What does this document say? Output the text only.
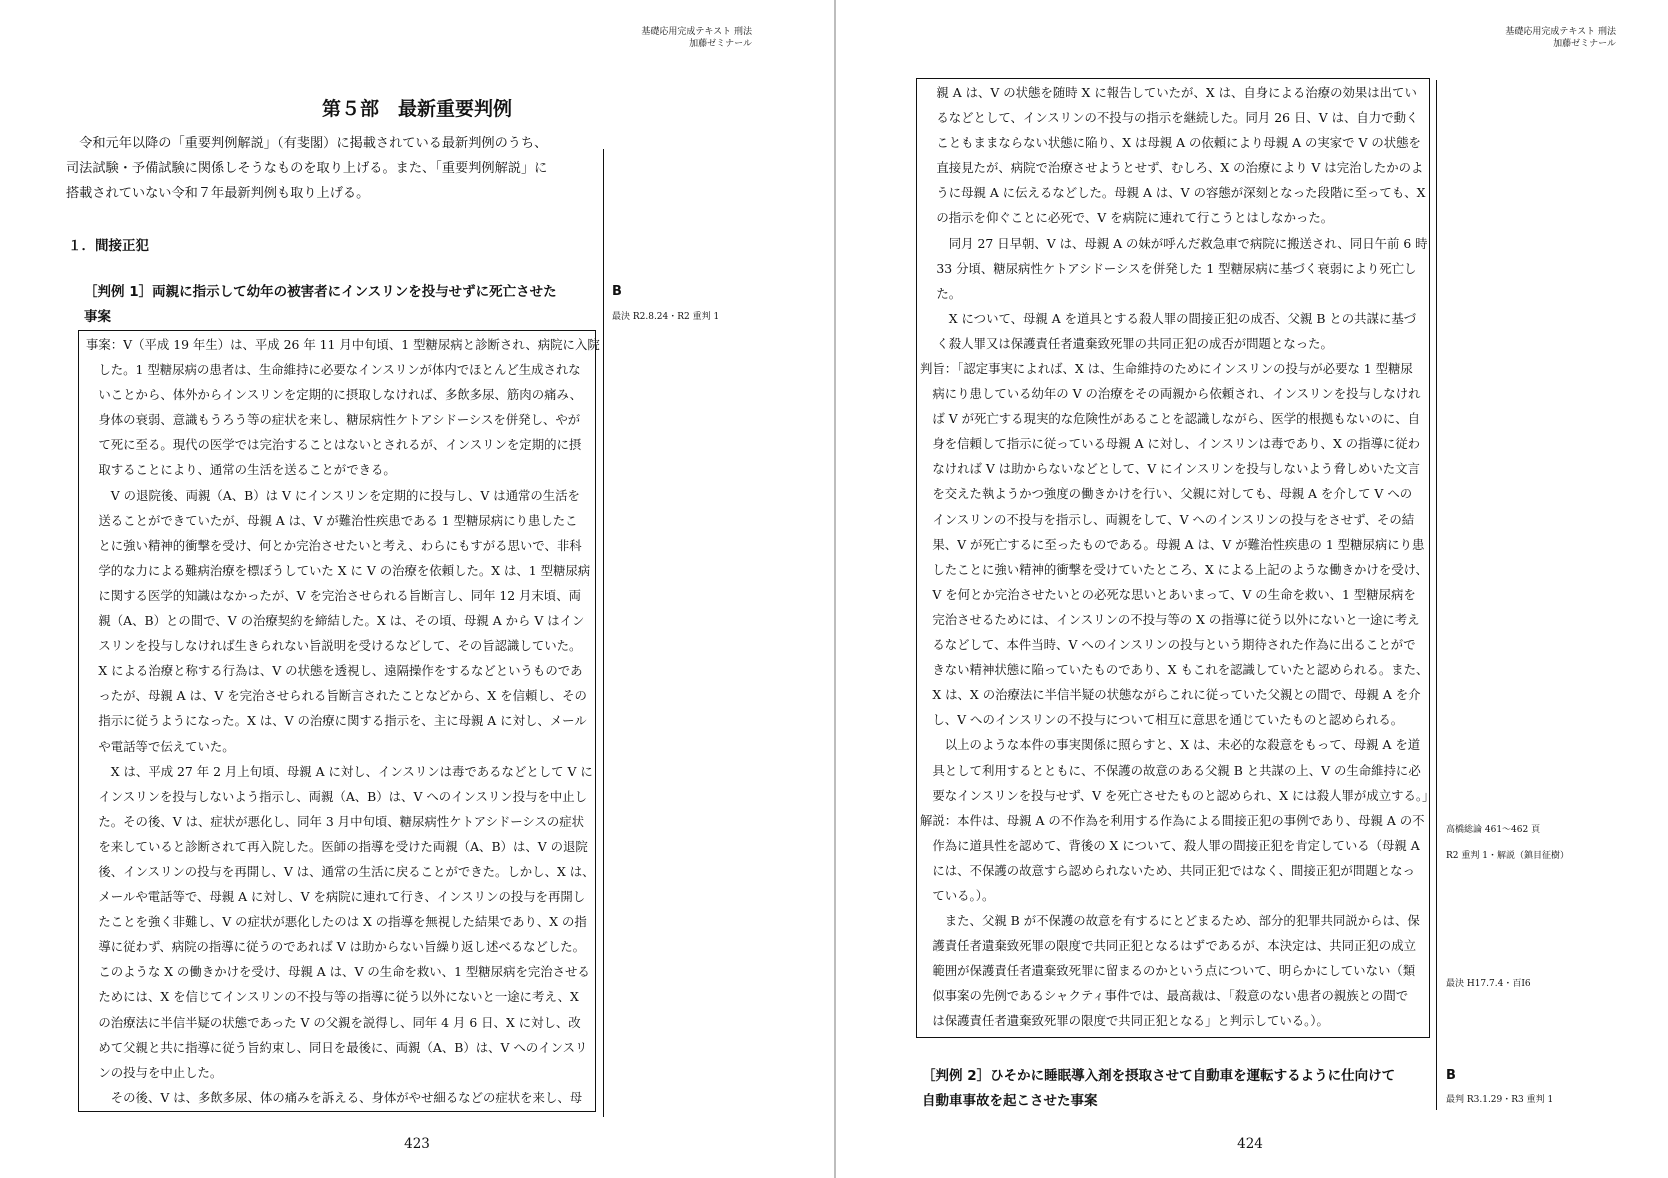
基礎応用完成テキスト 刑法
加藤ゼミナール
第５部　最新重要判例
　令和元年以降の「重要判例解説」（有斐閣）に掲載されている最新判例のうち、
司法試験・予備試験に関係しそうなものを取り上げる。また、「重要判例解説」に
搭載されていない令和７年最新判例も取り上げる。
１．間接正犯
［判例 1］両親に指示して幼年の被害者にインスリンを投与せずに死亡させた
事案
B
最決 R2.8.24・R2 重判 1
事案：V（平成 19 年生）は、平成 26 年 11 月中旬頃、1 型糖尿病と診断され、病院に入院
　した。1 型糖尿病の患者は、生命維持に必要なインスリンが体内でほとんど生成されな
　いことから、体外からインスリンを定期的に摂取しなければ、多飲多尿、筋肉の痛み、
　身体の衰弱、意識もうろう等の症状を来し、糖尿病性ケトアシドーシスを併発し、やが
　て死に至る。現代の医学では完治することはないとされるが、インスリンを定期的に摂
　取することにより、通常の生活を送ることができる。
　　V の退院後、両親（A、B）は V にインスリンを定期的に投与し、V は通常の生活を
　送ることができていたが、母親 A は、V が難治性疾患である 1 型糖尿病にり患したこ
　とに強い精神的衝撃を受け、何とか完治させたいと考え、わらにもすがる思いで、非科
　学的な力による難病治療を標ぼうしていた X に V の治療を依頼した。X は、1 型糖尿病
　に関する医学的知識はなかったが、V を完治させられる旨断言し、同年 12 月末頃、両
　親（A、B）との間で、V の治療契約を締結した。X は、その頃、母親 A から V はイン
　スリンを投与しなければ生きられない旨説明を受けるなどして、その旨認識していた。
　X による治療と称する行為は、V の状態を透視し、遠隔操作をするなどというものであ
　ったが、母親 A は、V を完治させられる旨断言されたことなどから、X を信頼し、その
　指示に従うようになった。X は、V の治療に関する指示を、主に母親 A に対し、メール
　や電話等で伝えていた。
　　X は、平成 27 年 2 月上旬頃、母親 A に対し、インスリンは毒であるなどとして V に
　インスリンを投与しないよう指示し、両親（A、B）は、V へのインスリン投与を中止し
　た。その後、V は、症状が悪化し、同年 3 月中旬頃、糖尿病性ケトアシドーシスの症状
　を来していると診断されて再入院した。医師の指導を受けた両親（A、B）は、V の退院
　後、インスリンの投与を再開し、V は、通常の生活に戻ることができた。しかし、X は、
　メールや電話等で、母親 A に対し、V を病院に連れて行き、インスリンの投与を再開し
　たことを強く非難し、V の症状が悪化したのは X の指導を無視した結果であり、X の指
　導に従わず、病院の指導に従うのであれば V は助からない旨繰り返し述べるなどした。
　このような X の働きかけを受け、母親 A は、V の生命を救い、1 型糖尿病を完治させる
　ためには、X を信じてインスリンの不投与等の指導に従う以外にないと一途に考え、X
　の治療法に半信半疑の状態であった V の父親を説得し、同年 4 月 6 日、X に対し、改
　めて父親と共に指導に従う旨約束し、同日を最後に、両親（A、B）は、V へのインスリ
　ンの投与を中止した。
　　その後、V は、多飲多尿、体の痛みを訴える、身体がやせ細るなどの症状を来し、母
423
基礎応用完成テキスト 刑法
加藤ゼミナール
　親 A は、V の状態を随時 X に報告していたが、X は、自身による治療の効果は出てい
　るなどとして、インスリンの不投与の指示を継続した。同月 26 日、V は、自力で動く
　こともままならない状態に陥り、X は母親 A の依頼により母親 A の実家で V の状態を
　直接見たが、病院で治療させようとせず、むしろ、X の治療により V は完治したかのよ
　うに母親 A に伝えるなどした。母親 A は、V の容態が深刻となった段階に至っても、X
　の指示を仰ぐことに必死で、V を病院に連れて行こうとはしなかった。
　　同月 27 日早朝、V は、母親 A の妹が呼んだ救急車で病院に搬送され、同日午前 6 時
　33 分頃、糖尿病性ケトアシドーシスを併発した 1 型糖尿病に基づく衰弱により死亡し
　た。
　　X について、母親 A を道具とする殺人罪の間接正犯の成否、父親 B との共謀に基づ
　く殺人罪又は保護責任者遺棄致死罪の共同正犯の成否が問題となった。
判旨：「認定事実によれば、X は、生命維持のためにインスリンの投与が必要な 1 型糖尿
　病にり患している幼年の V の治療をその両親から依頼され、インスリンを投与しなけれ
　ば V が死亡する現実的な危険性があることを認識しながら、医学的根拠もないのに、自
　身を信頼して指示に従っている母親 A に対し、インスリンは毒であり、X の指導に従わ
　なければ V は助からないなどとして、V にインスリンを投与しないよう脅しめいた文言
　を交えた執ようかつ強度の働きかけを行い、父親に対しても、母親 A を介して V への
　インスリンの不投与を指示し、両親をして、V へのインスリンの投与をさせず、その結
　果、V が死亡するに至ったものである。母親 A は、V が難治性疾患の 1 型糖尿病にり患
　したことに強い精神的衝撃を受けていたところ、X による上記のような働きかけを受け、
　V を何とか完治させたいとの必死な思いとあいまって、V の生命を救い、1 型糖尿病を
　完治させるためには、インスリンの不投与等の X の指導に従う以外にないと一途に考え
　るなどして、本件当時、V へのインスリンの投与という期待された作為に出ることがで
　きない精神状態に陥っていたものであり、X もこれを認識していたと認められる。また、
　X は、X の治療法に半信半疑の状態ながらこれに従っていた父親との間で、母親 A を介
　し、V へのインスリンの不投与について相互に意思を通じていたものと認められる。
　　以上のような本件の事実関係に照らすと、X は、未必的な殺意をもって、母親 A を道
　具として利用するとともに、不保護の故意のある父親 B と共謀の上、V の生命維持に必
　要なインスリンを投与せず、V を死亡させたものと認められ、X には殺人罪が成立する。」
解説：本件は、母親 A の不作為を利用する作為による間接正犯の事例であり、母親 A の不
　作為に道具性を認めて、背後の X について、殺人罪の間接正犯を肯定している（母親 A
　には、不保護の故意すら認められないため、共同正犯ではなく、間接正犯が問題となっ
　ている。）。
　　また、父親 B が不保護の故意を有するにとどまるため、部分的犯罪共同説からは、保
　護責任者遺棄致死罪の限度で共同正犯となるはずであるが、本決定は、共同正犯の成立
　範囲が保護責任者遺棄致死罪に留まるのかという点について、明らかにしていない（類
　似事案の先例であるシャクティ事件では、最高裁は、「殺意のない患者の親族との間で
　は保護責任者遺棄致死罪の限度で共同正犯となる」と判示している。）。
高橋総論 461～462 頁
R2 重判 1・解説（鎮目征樹）
最決 H17.7.4・百Ⅰ6
［判例 2］ひそかに睡眠導入剤を摂取させて自動車を運転するように仕向けて
自動車事故を起こさせた事案
B
最判 R3.1.29・R3 重判 1
424
